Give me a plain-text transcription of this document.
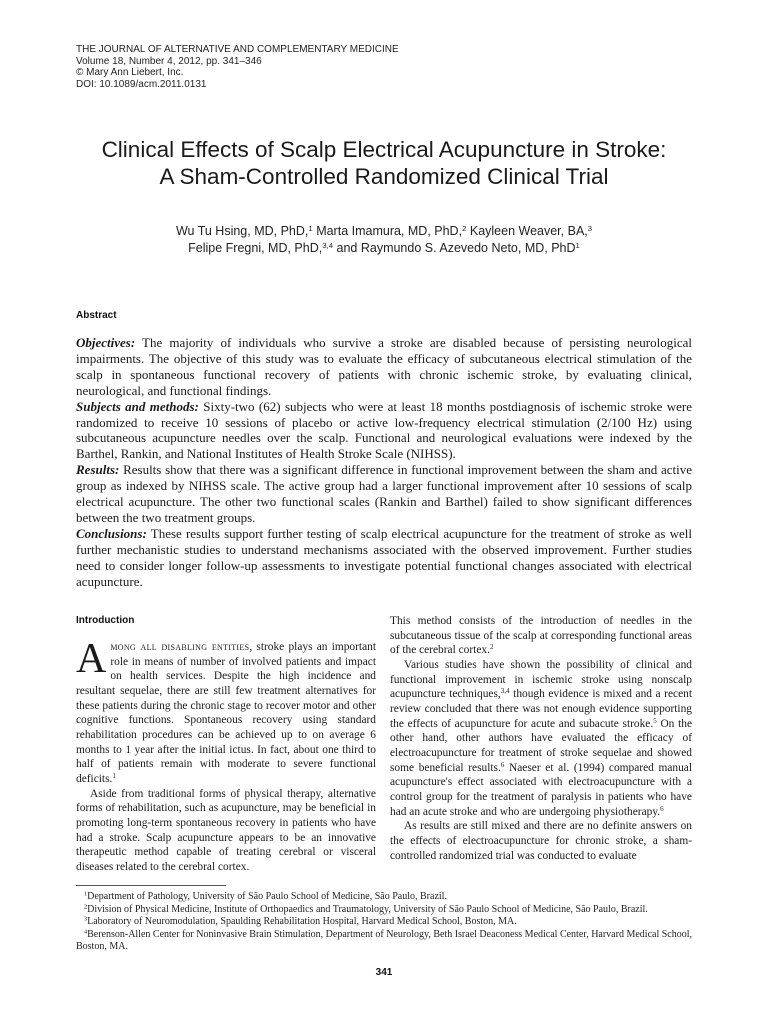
THE JOURNAL OF ALTERNATIVE AND COMPLEMENTARY MEDICINE
Volume 18, Number 4, 2012, pp. 341–346
© Mary Ann Liebert, Inc.
DOI: 10.1089/acm.2011.0131
Clinical Effects of Scalp Electrical Acupuncture in Stroke:
A Sham-Controlled Randomized Clinical Trial
Wu Tu Hsing, MD, PhD,$^1$ Marta Imamura, MD, PhD,$^2$ Kayleen Weaver, BA,$^3$
Felipe Fregni, MD, PhD,$^{3,4}$ and Raymundo S. Azevedo Neto, MD, PhD$^1$
Abstract

Objectives: The majority of individuals who survive a stroke are disabled because of persisting neurological impairments. The objective of this study was to evaluate the efficacy of subcutaneous electrical stimulation of the scalp in spontaneous functional recovery of patients with chronic ischemic stroke, by evaluating clinical, neurological, and functional findings.

Subjects and methods: Sixty-two (62) subjects who were at least 18 months postdiagnosis of ischemic stroke were randomized to receive 10 sessions of placebo or active low-frequency electrical stimulation (2/100 Hz) using subcutaneous acupuncture needles over the scalp. Functional and neurological evaluations were indexed by the Barthel, Rankin, and National Institutes of Health Stroke Scale (NIHSS).

Results: Results show that there was a significant difference in functional improvement between the sham and active group as indexed by NIHSS scale. The active group had a larger functional improvement after 10 sessions of scalp electrical acupuncture. The other two functional scales (Rankin and Barthel) failed to show significant differences between the two treatment groups.

Conclusions: These results support further testing of scalp electrical acupuncture for the treatment of stroke as well further mechanistic studies to understand mechanisms associated with the observed improvement. Further studies need to consider longer follow-up assessments to investigate potential functional changes associated with electrical acupuncture.

Introduction

Among all disabling entities, stroke plays an important role in means of number of involved patients and impact on health services. Despite the high incidence and resultant sequelae, there are still few treatment alternatives for these patients during the chronic stage to recover motor and other cognitive functions. Spontaneous recovery using standard rehabilitation procedures can be achieved up to on average 6 months to 1 year after the initial ictus. In fact, about one third to half of patients remain with moderate to severe functional deficits.$^1$

Aside from traditional forms of physical therapy, alternative forms of rehabilitation, such as acupuncture, may be beneficial in promoting long-term spontaneous recovery in patients who have had a stroke. Scalp acupuncture appears to be an innovative therapeutic method capable of treating cerebral or visceral diseases related to the cerebral cortex.

This method consists of the introduction of needles in the subcutaneous tissue of the scalp at corresponding functional areas of the cerebral cortex.$^2$

Various studies have shown the possibility of clinical and functional improvement in ischemic stroke using nonscalp acupuncture techniques,$^{3,4}$ though evidence is mixed and a recent review concluded that there was not enough evidence supporting the effects of acupuncture for acute and subacute stroke.$^5$ On the other hand, other authors have evaluated the efficacy of electroacupuncture for treatment of stroke sequelae and showed some beneficial results.$^6$ Naeser et al. (1994) compared manual acupuncture's effect associated with electroacupuncture with a control group for the treatment of paralysis in patients who have had an acute stroke and who are undergoing physiotherapy.$^6$

As results are still mixed and there are no definite answers on the effects of electroacupuncture for chronic stroke, a sham-controlled randomized trial was conducted to evaluate

$^1$Department of Pathology, University of São Paulo School of Medicine, São Paulo, Brazil.

$^2$Division of Physical Medicine, Institute of Orthopaedics and Traumatology, University of São Paulo School of Medicine, São Paulo, Brazil.

$^3$Laboratory of Neuromodulation, Spaulding Rehabilitation Hospital, Harvard Medical School, Boston, MA.

$^4$Berenson-Allen Center for Noninvasive Brain Stimulation, Department of Neurology, Beth Israel Deaconess Medical Center, Harvard Medical School, Boston, MA.

341
